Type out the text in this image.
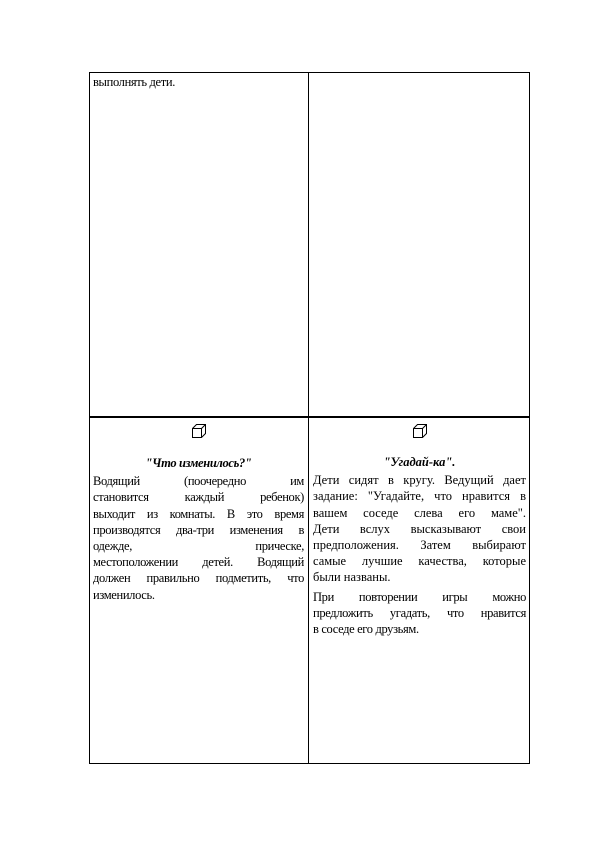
выполнять дети.
"Что изменилось?"
Водящий (поочередно им
становится каждый ребенок)
выходит из комнаты. В это время
производятся два-три изменения в
одежде, прическе,
местоположении детей. Водящий
должен правильно подметить, что
изменилось.
"Угадай-ка".
Дети сидят в кругу. Ведущий дает
задание: "Угадайте, что нравится в
вашем соседе слева его маме".
Дети вслух высказывают свои
предположения. Затем выбирают
самые лучшие качества, которые
были названы.
При повторении игры можно
предложить угадать, что нравится
в соседе его друзьям.
